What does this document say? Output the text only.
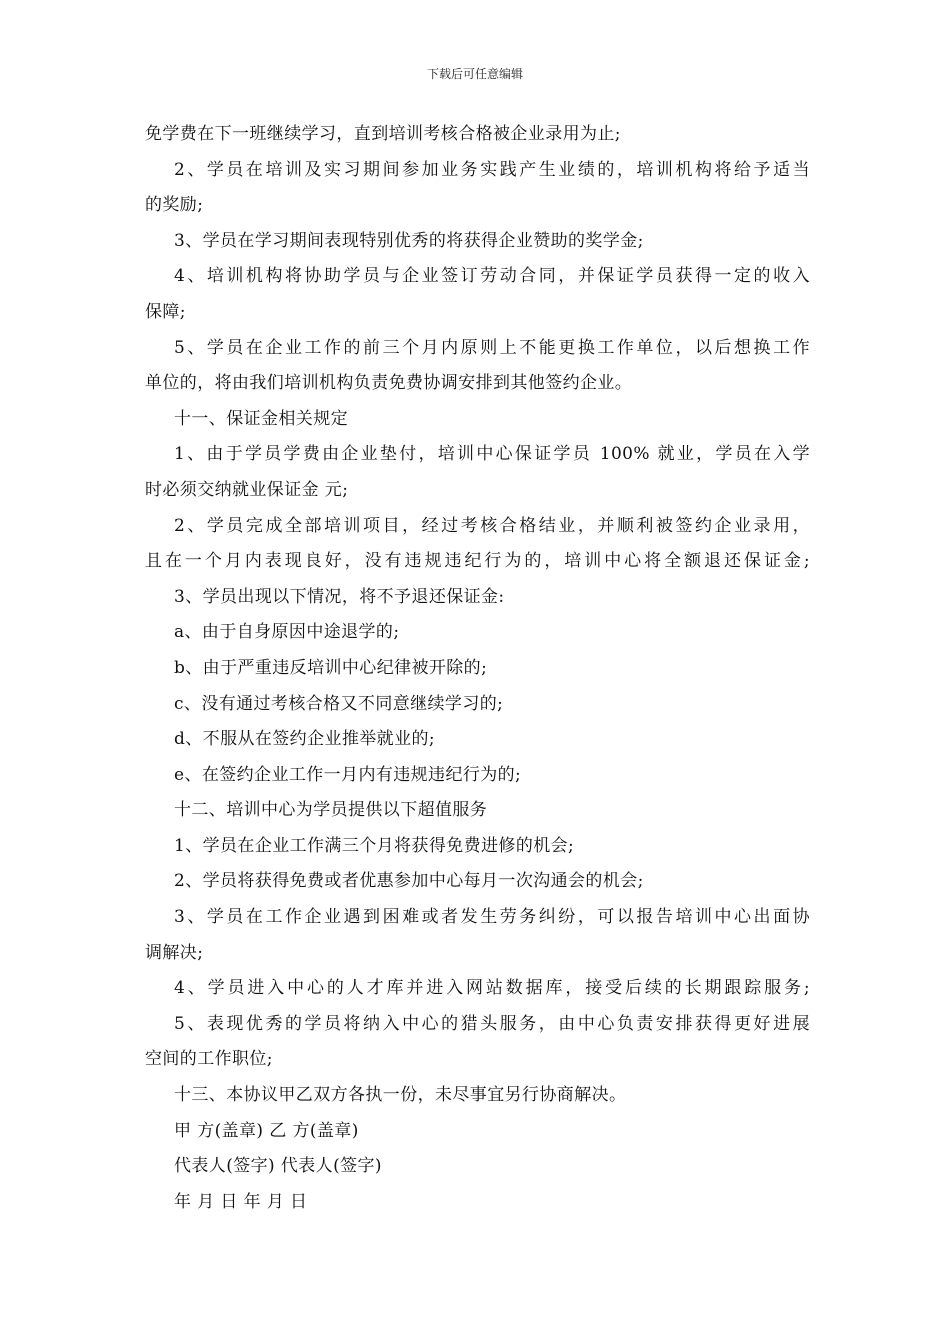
下载后可任意编辑
免学费在下一班继续学习，直到培训考核合格被企业录用为止;
2、学员在培训及实习期间参加业务实践产生业绩的，培训机构将给予适当
的奖励;
3、学员在学习期间表现特别优秀的将获得企业赞助的奖学金;
4、培训机构将协助学员与企业签订劳动合同，并保证学员获得一定的收入
保障;
5、学员在企业工作的前三个月内原则上不能更换工作单位，以后想换工作
单位的，将由我们培训机构负责免费协调安排到其他签约企业。
十一、保证金相关规定
1、由于学员学费由企业垫付，培训中心保证学员 100% 就业，学员在入学
时必须交纳就业保证金 元;
2、学员完成全部培训项目，经过考核合格结业，并顺利被签约企业录用，
且在一个月内表现良好，没有违规违纪行为的，培训中心将全额退还保证金;
3、学员出现以下情况，将不予退还保证金:
a、由于自身原因中途退学的;
b、由于严重违反培训中心纪律被开除的;
c、没有通过考核合格又不同意继续学习的;
d、不服从在签约企业推举就业的;
e、在签约企业工作一月内有违规违纪行为的;
十二、培训中心为学员提供以下超值服务
1、学员在企业工作满三个月将获得免费进修的机会;
2、学员将获得免费或者优惠参加中心每月一次沟通会的机会;
3、学员在工作企业遇到困难或者发生劳务纠纷，可以报告培训中心出面协
调解决;
4、学员进入中心的人才库并进入网站数据库，接受后续的长期跟踪服务;
5、表现优秀的学员将纳入中心的猎头服务，由中心负责安排获得更好进展
空间的工作职位;
十三、本协议甲乙双方各执一份，未尽事宜另行协商解决。
甲 方(盖章) 乙 方(盖章)
代表人(签字) 代表人(签字)
年 月 日 年 月 日
